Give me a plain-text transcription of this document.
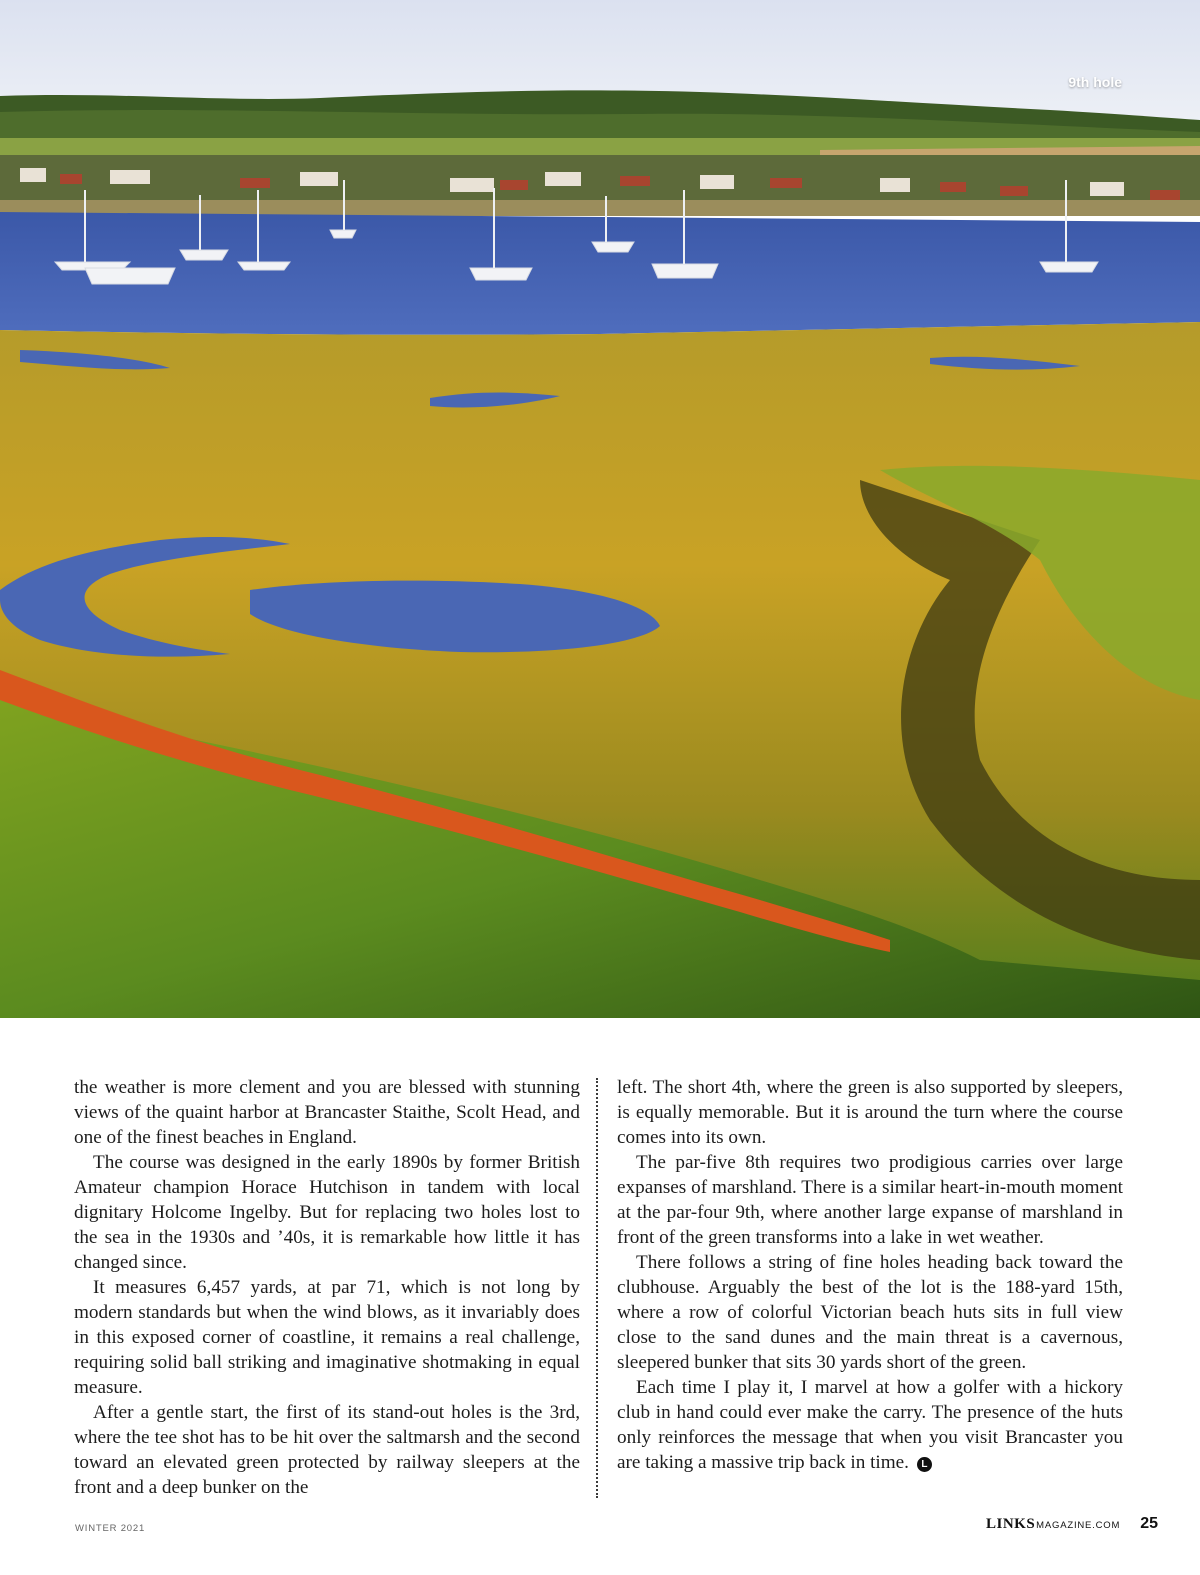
9th hole

the weather is more clement and you are blessed with stunning views of the quaint harbor at Brancaster Staithe, Scolt Head, and one of the finest beaches in England.

The course was designed in the early 1890s by former British Amateur champion Horace Hutchison in tandem with local dignitary Holcome Ingelby. But for replacing two holes lost to the sea in the 1930s and ’40s, it is remarkable how little it has changed since.

It measures 6,457 yards, at par 71, which is not long by modern standards but when the wind blows, as it invariably does in this exposed corner of coastline, it remains a real challenge, requiring solid ball striking and imaginative shotmaking in equal measure.

After a gentle start, the first of its stand-out holes is the 3rd, where the tee shot has to be hit over the saltmarsh and the second toward an elevated green protected by railway sleepers at the front and a deep bunker on the

left. The short 4th, where the green is also supported by sleepers, is equally memorable. But it is around the turn where the course comes into its own.

The par-five 8th requires two prodigious carries over large expanses of marshland. There is a similar heart-in-mouth moment at the par-four 9th, where another large expanse of marshland in front of the green transforms into a lake in wet weather.

There follows a string of fine holes heading back toward the clubhouse. Arguably the best of the lot is the 188-yard 15th, where a row of colorful Victorian beach huts sits in full view close to the sand dunes and the main threat is a cavernous, sleepered bunker that sits 30 yards short of the green.

Each time I play it, I marvel at how a golfer with a hickory club in hand could ever make the carry. The presence of the huts only reinforces the message that when you visit Brancaster you are taking a massive trip back in time. L

WINTER 2021	LINKS MAGAZINE.COM 25
